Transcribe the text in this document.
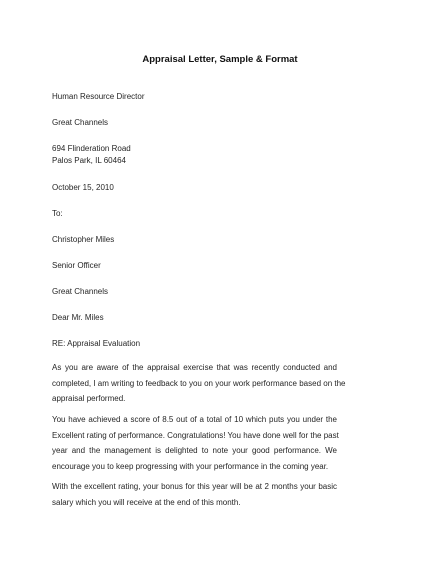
Appraisal Letter, Sample & Format
Human Resource Director
Great Channels
694 Flinderation Road
Palos Park, IL 60464
October 15, 2010
To:
Christopher Miles
Senior Officer
Great Channels
Dear Mr. Miles
RE: Appraisal Evaluation
As you are aware of the appraisal exercise that was recently conducted and
completed, I am writing to feedback to you on your work performance based on the
appraisal performed.
You have achieved a score of 8.5 out of a total of 10 which puts you under the
Excellent rating of performance. Congratulations! You have done well for the past
year and the management is delighted to note your good performance. We
encourage you to keep progressing with your performance in the coming year.
With the excellent rating, your bonus for this year will be at 2 months your basic
salary which you will receive at the end of this month.
